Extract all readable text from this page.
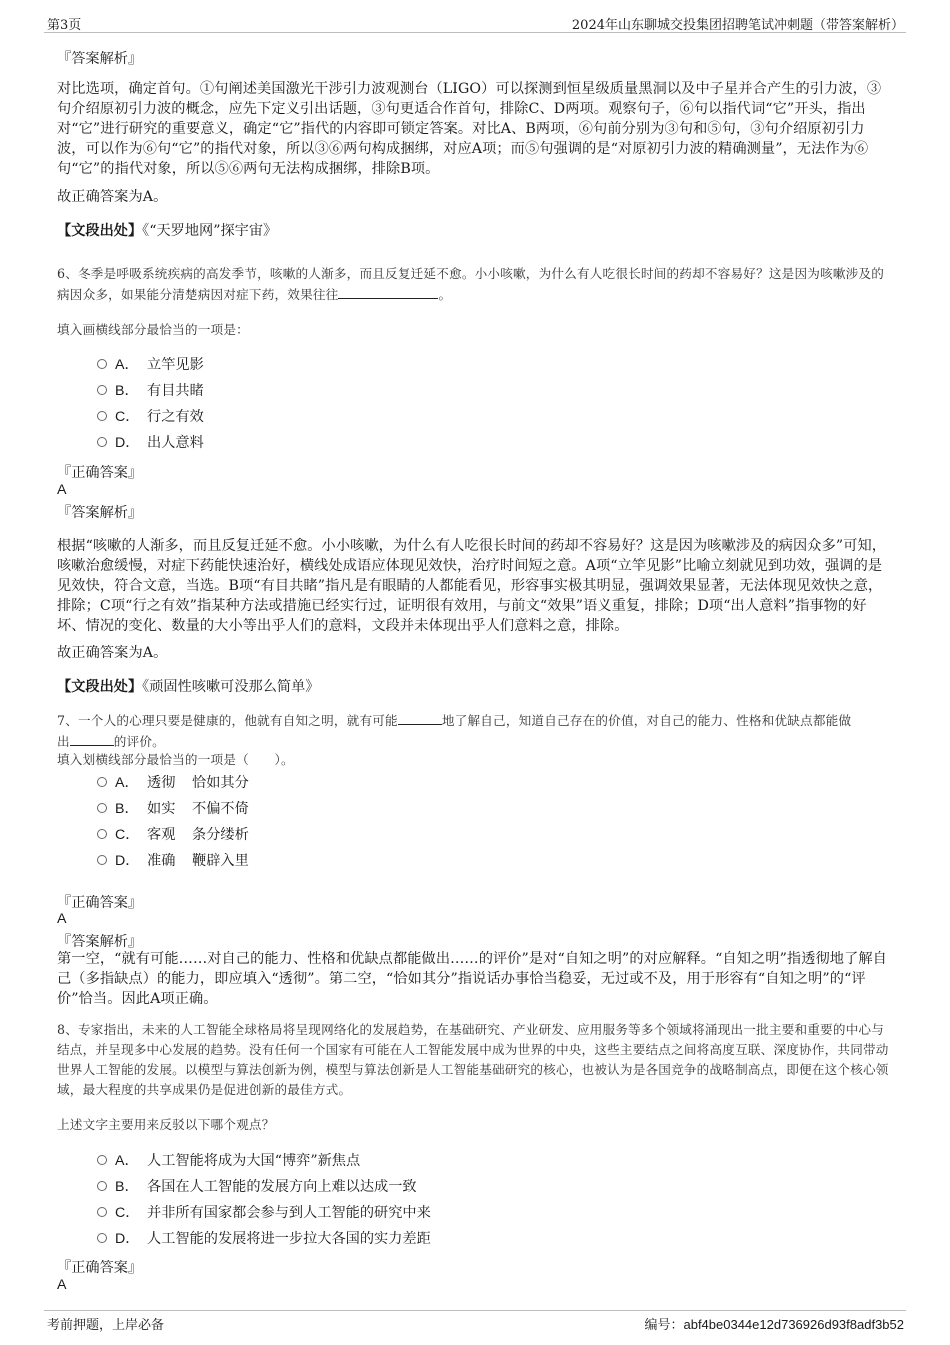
第3页	2024年山东聊城交投集团招聘笔试冲刺题（带答案解析）
『答案解析』
对比选项，确定首句。①句阐述美国激光干涉引力波观测台（LIGO）可以探测到恒星级质量黑洞以及中子星并合产生的引力波，③句介绍原初引力波的概念，应先下定义引出话题，③句更适合作首句，排除C、D两项。观察句子，⑥句以指代词“它”开头，指出对“它”进行研究的重要意义，确定“它”指代的内容即可锁定答案。对比A、B两项，⑥句前分别为③句和⑤句，③句介绍原初引力波，可以作为⑥句“它”的指代对象，所以③⑥两句构成捆绑，对应A项；而⑤句强调的是“对原初引力波的精确测量”，无法作为⑥句“它”的指代对象，所以⑤⑥两句无法构成捆绑，排除B项。
故正确答案为A。
【文段出处】《“天罗地网”探宇宙》
6、冬季是呼吸系统疾病的高发季节，咳嗽的人渐多，而且反复迁延不愈。小小咳嗽，为什么有人吃很长时间的药却不容易好？这是因为咳嗽涉及的病因众多，如果能分清楚病因对症下药，效果往往	。
填入画横线部分最恰当的一项是：
A． 立竿见影
B． 有目共睹
C． 行之有效
D． 出人意料
『正确答案』
A
『答案解析』
根据“咳嗽的人渐多，而且反复迁延不愈。小小咳嗽，为什么有人吃很长时间的药却不容易好？这是因为咳嗽涉及的病因众多”可知，咳嗽治愈缓慢，对症下药能快速治好，横线处成语应体现见效快，治疗时间短之意。A项“立竿见影”比喻立刻就见到功效，强调的是见效快，符合文意，当选。B项“有目共睹”指凡是有眼睛的人都能看见，形容事实极其明显，强调效果显著，无法体现见效快之意，排除；C项“行之有效”指某种方法或措施已经实行过，证明很有效用，与前文“效果”语义重复，排除；D项“出人意料”指事物的好坏、情况的变化、数量的大小等出乎人们的意料，文段并未体现出乎人们意料之意，排除。
故正确答案为A。
【文段出处】《顽固性咳嗽可没那么简单》
7、一个人的心理只要是健康的，他就有自知之明，就有可能	地了解自己，知道自己存在的价值，对自己的能力、性格和优缺点都能做
出	的评价。
填入划横线部分最恰当的一项是（　　）。
A． 透彻 恰如其分
B． 如实 不偏不倚
C． 客观 条分缕析
D． 准确 鞭辟入里
『正确答案』
A
『答案解析』
第一空，“就有可能……对自己的能力、性格和优缺点都能做出……的评价”是对“自知之明”的对应解释。“自知之明”指透彻地了解自己（多指缺点）的能力，即应填入“透彻”。第二空，“恰如其分”指说话办事恰当稳妥，无过或不及，用于形容有“自知之明”的“评价”恰当。因此A项正确。
8、专家指出，未来的人工智能全球格局将呈现网络化的发展趋势，在基础研究、产业研发、应用服务等多个领域将涌现出一批主要和重要的中心与结点，并呈现多中心发展的趋势。没有任何一个国家有可能在人工智能发展中成为世界的中央，这些主要结点之间将高度互联、深度协作，共同带动世界人工智能的发展。以模型与算法创新为例，模型与算法创新是人工智能基础研究的核心，也被认为是各国竞争的战略制高点，即便在这个核心领域，最大程度的共享成果仍是促进创新的最佳方式。
上述文字主要用来反驳以下哪个观点？
A． 人工智能将成为大国“博弈”新焦点
B． 各国在人工智能的发展方向上难以达成一致
C． 并非所有国家都会参与到人工智能的研究中来
D． 人工智能的发展将进一步拉大各国的实力差距
『正确答案』
A
考前押题，上岸必备	编号：abf4be0344e12d736926d93f8adf3b52
